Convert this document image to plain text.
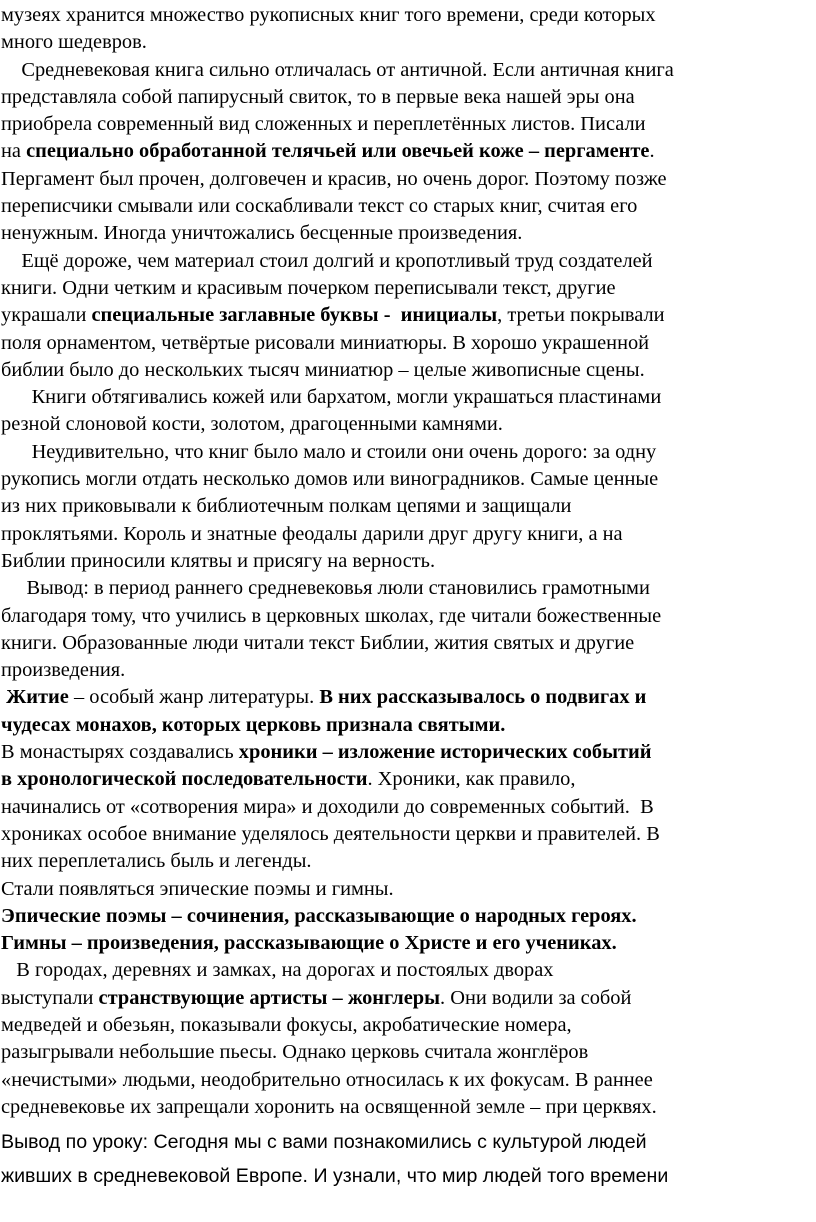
музеях хранится множество рукописных книг того времени, среди которых
много шедевров.
Средневековая книга сильно отличалась от античной. Если античная книга
представляла собой папирусный свиток, то в первые века нашей эры она
приобрела современный вид сложенных и переплетённых листов. Писали
на специально обработанной телячьей или овечьей коже – пергаменте.
Пергамент был прочен, долговечен и красив, но очень дорог. Поэтому позже
переписчики смывали или соскабливали текст со старых книг, считая его
ненужным. Иногда уничтожались бесценные произведения.
Ещё дороже, чем материал стоил долгий и кропотливый труд создателей
книги. Одни четким и красивым почерком переписывали текст, другие
украшали специальные заглавные буквы -  инициалы, третьи покрывали
поля орнаментом, четвёртые рисовали миниатюры. В хорошо украшенной
библии было до нескольких тысяч миниатюр – целые живописные сцены.
Книги обтягивались кожей или бархатом, могли украшаться пластинами
резной слоновой кости, золотом, драгоценными камнями.
Неудивительно, что книг было мало и стоили они очень дорого: за одну
рукопись могли отдать несколько домов или виноградников. Самые ценные
из них приковывали к библиотечным полкам цепями и защищали
проклятьями. Король и знатные феодалы дарили друг другу книги, а на
Библии приносили клятвы и присягу на верность.
Вывод: в период раннего средневековья люли становились грамотными
благодаря тому, что учились в церковных школах, где читали божественные
книги. Образованные люди читали текст Библии, жития святых и другие
произведения.
Житие – особый жанр литературы. В них рассказывалось о подвигах и
чудесах монахов, которых церковь признала святыми.
В монастырях создавались хроники – изложение исторических событий
в хронологической последовательности. Хроники, как правило,
начинались от «сотворения мира» и доходили до современных событий.  В
хрониках особое внимание уделялось деятельности церкви и правителей. В
них переплетались быль и легенды.
Стали появляться эпические поэмы и гимны.
Эпические поэмы – сочинения, рассказывающие о народных героях.
Гимны – произведения, рассказывающие о Христе и его учениках.
В городах, деревнях и замках, на дорогах и постоялых дворах
выступали странствующие артисты – жонглеры. Они водили за собой
медведей и обезьян, показывали фокусы, акробатические номера,
разыгрывали небольшие пьесы. Однако церковь считала жонглёров
«нечистыми» людьми, неодобрительно относилась к их фокусам. В раннее
средневековье их запрещали хоронить на освященной земле – при церквях.
Вывод по уроку: Сегодня мы с вами познакомились с культурой людей
живших в средневековой Европе. И узнали, что мир людей того времени
